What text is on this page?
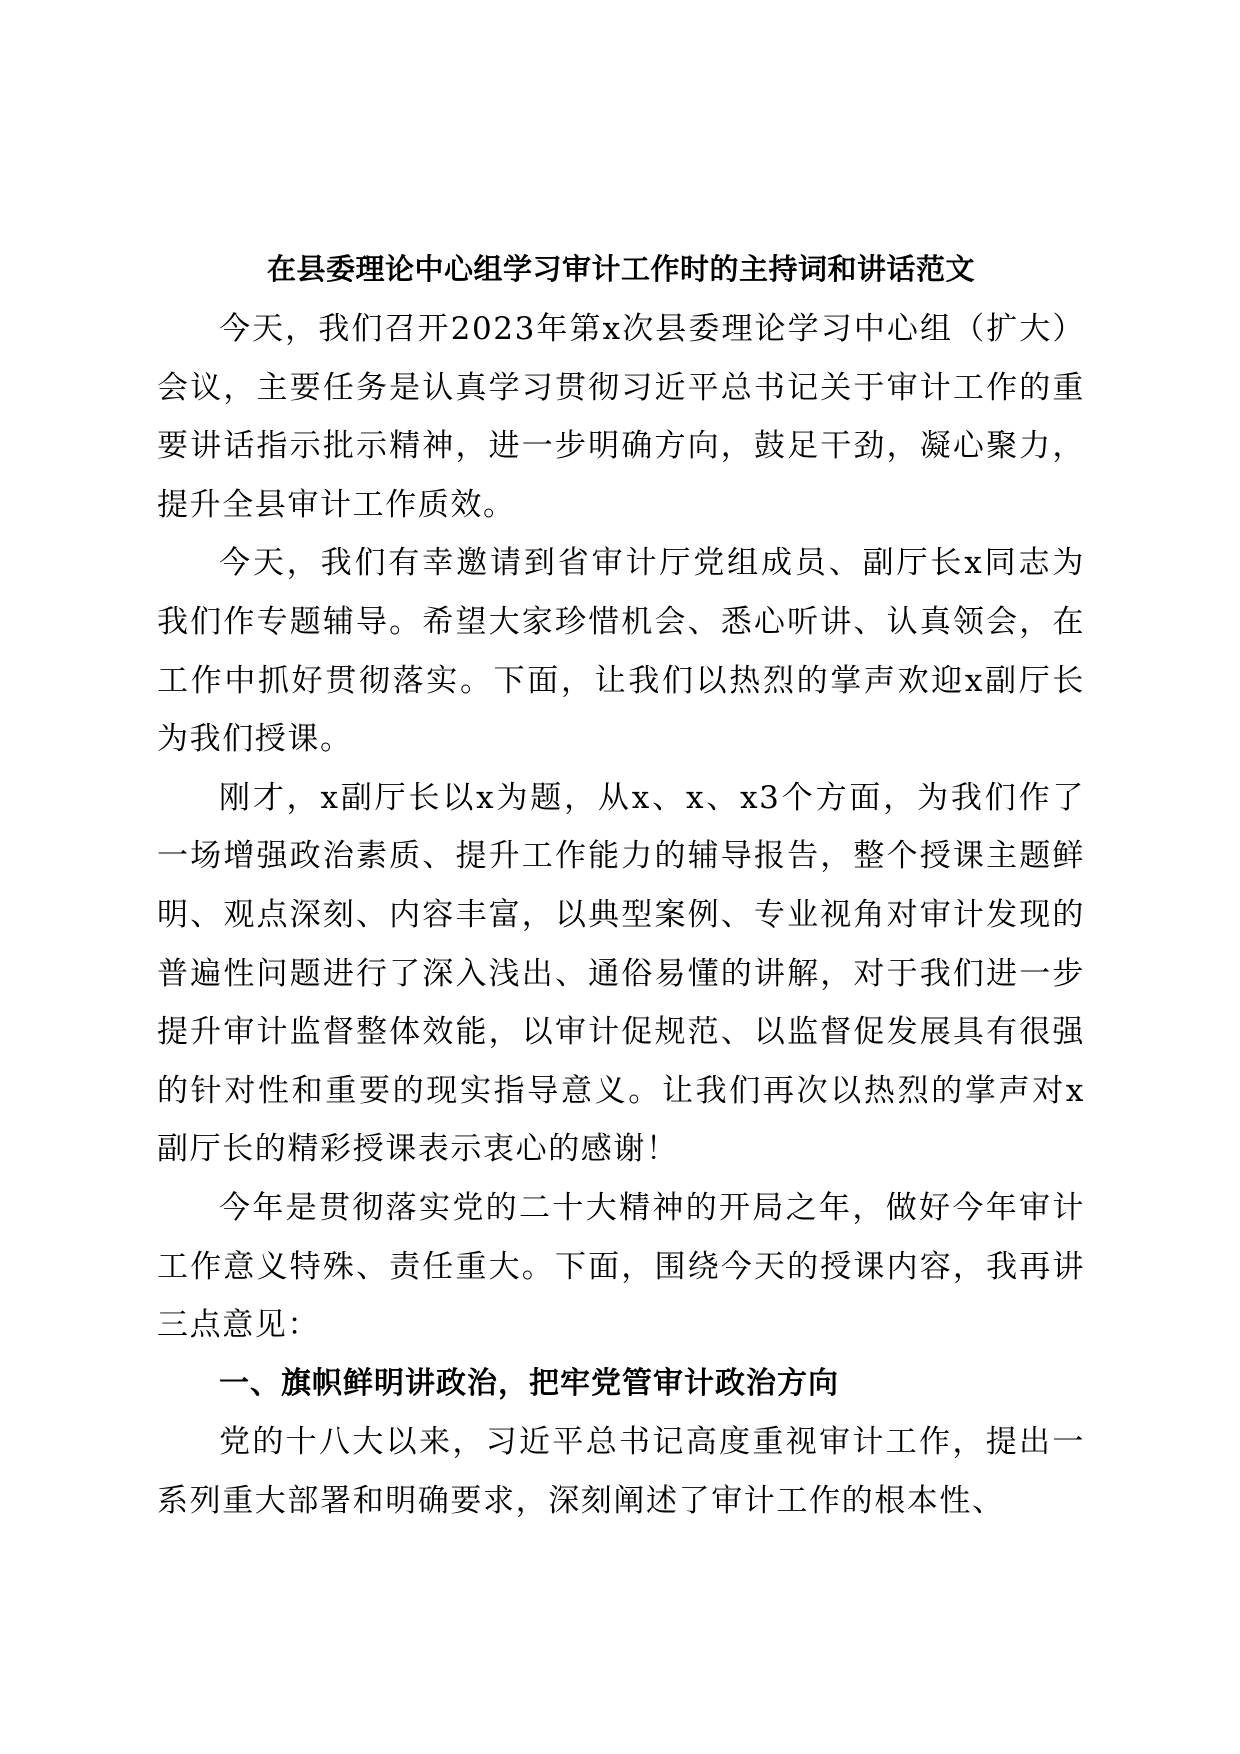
在县委理论中心组学习审计工作时的主持词和讲话范文

今天，我们召开2023年第x次县委理论学习中心组（扩大）会议，主要任务是认真学习贯彻习近平总书记关于审计工作的重要讲话指示批示精神，进一步明确方向，鼓足干劲，凝心聚力，提升全县审计工作质效。

今天，我们有幸邀请到省审计厅党组成员、副厅长x同志为我们作专题辅导。希望大家珍惜机会、悉心听讲、认真领会，在工作中抓好贯彻落实。下面，让我们以热烈的掌声欢迎x副厅长为我们授课。

刚才，x副厅长以x为题，从x、x、x3个方面，为我们作了一场增强政治素质、提升工作能力的辅导报告，整个授课主题鲜明、观点深刻、内容丰富，以典型案例、专业视角对审计发现的普遍性问题进行了深入浅出、通俗易懂的讲解，对于我们进一步提升审计监督整体效能，以审计促规范、以监督促发展具有很强的针对性和重要的现实指导意义。让我们再次以热烈的掌声对x副厅长的精彩授课表示衷心的感谢！

今年是贯彻落实党的二十大精神的开局之年，做好今年审计工作意义特殊、责任重大。下面，围绕今天的授课内容，我再讲三点意见：

一、旗帜鲜明讲政治，把牢党管审计政治方向

党的十八大以来，习近平总书记高度重视审计工作，提出一系列重大部署和明确要求，深刻阐述了审计工作的根本性、
